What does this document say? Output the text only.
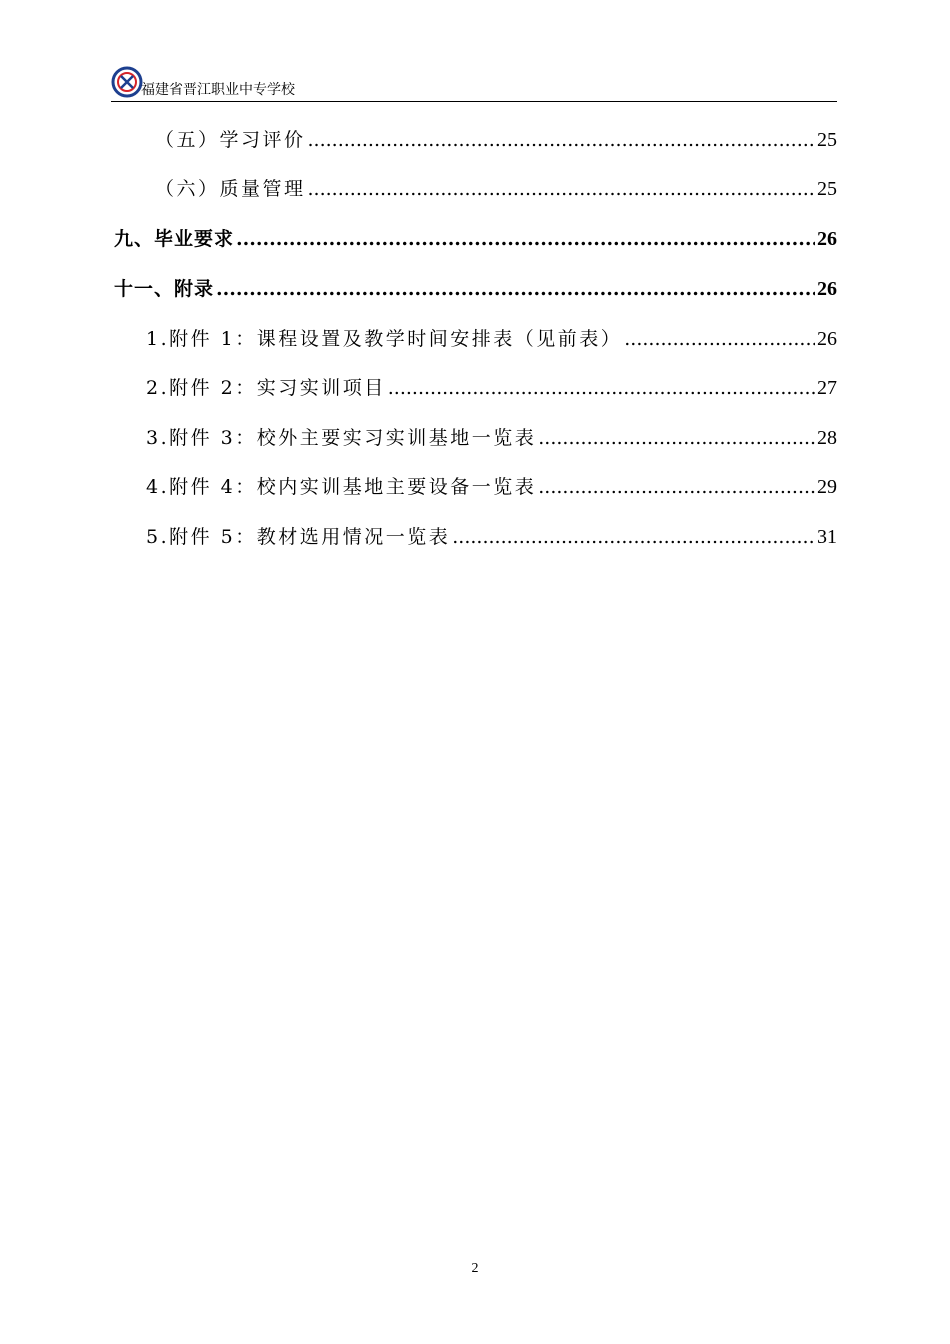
福建省晋江职业中专学校
（五）学习评价 .....	25
（六）质量管理 .....	25
九、毕业要求 .....	26
十一、附录 .....	26
1.附件 1：课程设置及教学时间安排表（见前表） .....	26
2.附件 2：实习实训项目 .....	27
3.附件 3：校外主要实习实训基地一览表 .....	28
4.附件 4：校内实训基地主要设备一览表 .....	29
5.附件 5：教材选用情况一览表 .....	31
2
